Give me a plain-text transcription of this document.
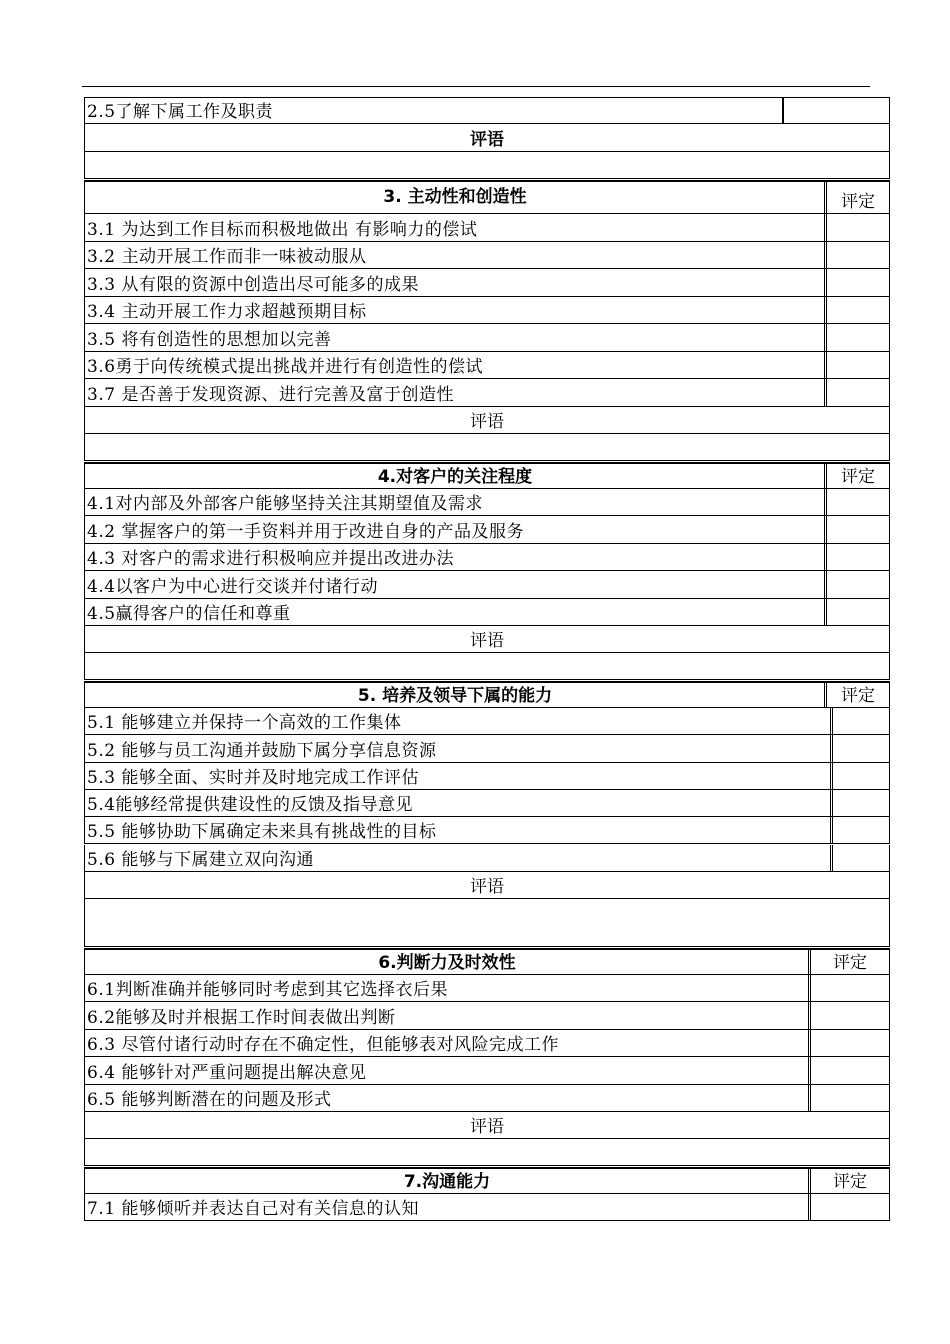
2.5了解下属工作及职责
评语
3. 主动性和创造性	评定
3.1 为达到工作目标而积极地做出 有影响力的偿试
3.2 主动开展工作而非一味被动服从
3.3 从有限的资源中创造出尽可能多的成果
3.4 主动开展工作力求超越预期目标
3.5 将有创造性的思想加以完善
3.6勇于向传统模式提出挑战并进行有创造性的偿试
3.7 是否善于发现资源、进行完善及富于创造性
评语
4.对客户的关注程度	评定
4.1对内部及外部客户能够坚持关注其期望值及需求
4.2 掌握客户的第一手资料并用于改进自身的产品及服务
4.3 对客户的需求进行积极响应并提出改进办法
4.4以客户为中心进行交谈并付诸行动
4.5赢得客户的信任和尊重
评语
5. 培养及领导下属的能力	评定
5.1 能够建立并保持一个高效的工作集体
5.2 能够与员工沟通并鼓励下属分享信息资源
5.3 能够全面、实时并及时地完成工作评估
5.4能够经常提供建设性的反馈及指导意见
5.5 能够协助下属确定未来具有挑战性的目标
5.6 能够与下属建立双向沟通
评语
6.判断力及时效性	评定
6.1判断准确并能够同时考虑到其它选择衣后果
6.2能够及时并根据工作时间表做出判断
6.3 尽管付诸行动时存在不确定性，但能够表对风险完成工作
6.4 能够针对严重问题提出解决意见
6.5 能够判断潜在的问题及形式
评语
7.沟通能力	评定
7.1 能够倾听并表达自己对有关信息的认知
